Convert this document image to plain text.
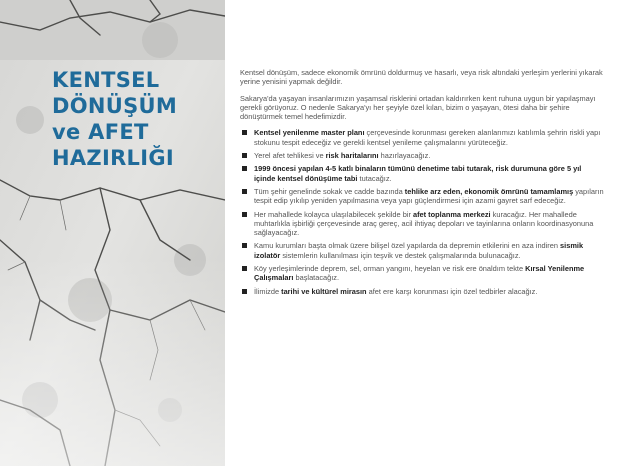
KENTSEL
DÖNÜŞÜM
ve AFET
HAZIRLIĞI

Kentsel dönüşüm, sadece ekonomik ömrünü doldurmuş ve hasarlı, veya risk altındaki yerleşim yerlerini yıkarak yerine yenisini yapmak değildir.

Sakarya'da yaşayan insanlarımızın yaşamsal risklerini ortadan kaldırırken kent ruhuna uygun bir yapılaşmayı gerekli görüyoruz. O nedenle Sakarya'yı her şeyiyle özel kılan, bizim o yaşayan, ötesi daha bir şehire dönüştürmek temel hedefimizdir.

Kentsel yenilenme master planı çerçevesinde korunması gereken alanlarımızı katılımla şehrin riskli yapı stokunu tespit edeceğiz ve gerekli kentsel yenileme çalışmalarını yürüteceğiz.
Yerel afet tehlikesi ve risk haritalarını hazırlayacağız.
1999 öncesi yapılan 4-5 katlı binaların tümünü denetime tabi tutarak, risk durumuna göre 5 yıl içinde kentsel dönüşüme tabi tutacağız.
Tüm şehir genelinde sokak ve cadde bazında tehlike arz eden, ekonomik ömrünü tamamlamış yapıların tespit edip yıkılıp yeniden yapılmasına veya yapı güçlendirmesi için azami gayret sarf edeceğiz.
Her mahallede kolayca ulaşılabilecek şekilde bir afet toplanma merkezi kuracağız. Her mahallede muhtarlıkla işbirliği çerçevesinde araç gereç, acil ihtiyaç depoları ve tayinlarına onların koordinasyonuna sağlayacağız.
Kamu kurumları başta olmak üzere bilişel özel yapılarda da depremin etkilerini en aza indiren sismik izolatör sistemlerin kullanılması için teşvik ve destek çalışmalarında bulunacağız.
Köy yerleşimlerinde deprem, sel, orman yangını, heyelan ve risk ere önaldım tekte Kırsal Yenilenme Çalışmaları başlatacağız.
İlimizde tarihi ve kültürel mirasın afet ere karşı korunması için özel tedbirler alacağız.
